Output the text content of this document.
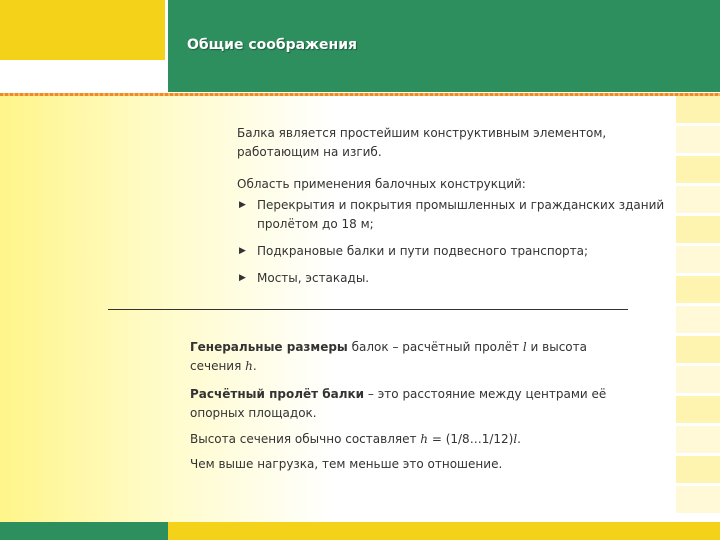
Общие соображения
Балка является простейшим конструктивным элементом, работающим на изгиб.
Область применения балочных конструкций:
▶ Перекрытия и покрытия промышленных и гражданских зданий пролётом до 18 м;
▶ Подкрановые балки и пути подвесного транспорта;
▶ Мосты, эстакады.
Генеральные размеры балок – расчётный пролёт l и высота сечения h.
Расчётный пролёт балки – это расстояние между центрами её опорных площадок.
Высота сечения обычно составляет h = (1/8…1/12)l.
Чем выше нагрузка, тем меньше это отношение.
